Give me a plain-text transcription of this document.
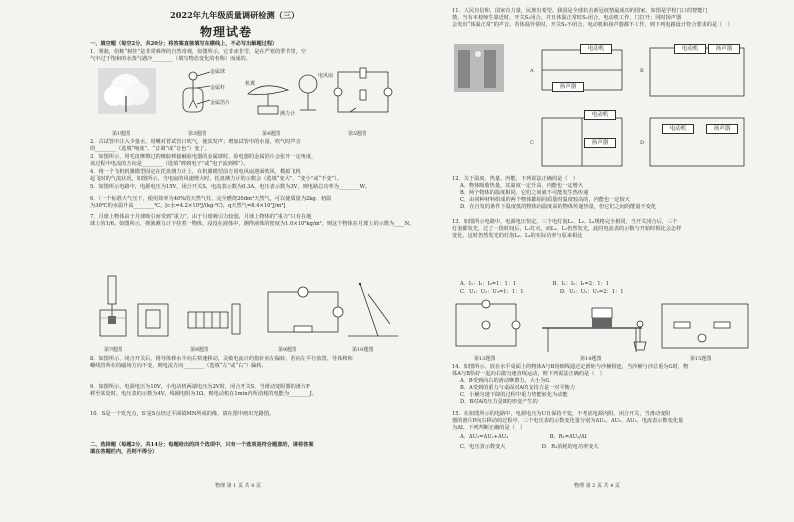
2022年九年级质量调研检测（三）
物理试卷
一、填空题（每空2分，共20分；将答案直接填写在横线上，不必写出解题过程）
1．雾凇，俗称“树挂”是非常难得的自然奇观，如图所示，它非冰非雪，是在严寒的季节里，空
气中过于饱和的水蒸气遇冷________（填写物态变化的名称）而成的。
金属球
金属杆
金属箔片
电风扇
机翼
测力计
第1题图	第3题图	第4题图	第5题图
2．古试管中注入少量水，用嘴对着试管口吹气，使其发声；增加试管中的水量，吹气时声音
的________（选填“响度”、“音调”或“音色”）变了。
3．如图所示，用毛皮摩擦过的橡胶棒接触验电器的金属球时，验电器的金属箔片会张开一定角度，
该过程中电流的方向是________（选填“棒到电子”或“电子流到棒”）。
4．将一个飞机机翼模型固定在托盘测力计上，在机翼模型前方用电风扇迎面吹风，模拟飞机
起飞时的气流状况，如图所示。当电扇的风速增大时，托盘测力计的示数会（选填“变大”、“变小”或“不变”）。
5．如图所示电路中，电源电压为15V，闭合开关S，电流表示数为0.3A，电压表示数为3V，则电路总功率为________W。
6．（一个标准大气压下，使用效率为40%的天然气灶，完全燃烧20dm³天然气，可以使质量为2kg、初温
为30℃的水温升高________℃。[c水=4.2×10³J/(kg·℃)，q天然气=8.4×10⁷J/m³]
7．月球上物体由于月球吸引而受到“重力”，由于月球吸引力较弱，月球上物体的“重力”只有在地
球上的1/6。如图所示，弹簧测力计下挂着一物体，浸没在液体中，测得液体的密度为1.0×10³kg/m³，则这个物体在月球上的示数为____N。
第7题图	第8题图	第9题图	第10题图
8．如图所示，闭合开关后，将导体棒水平向右快速移动，灵敏电流计的指针向左偏转。若向左平行放置，导体棒和
螺线管所在的磁场方向不变，则电流方向________（选填“左”或“右”）偏转。
9．如图所示，电源电压为10V，小电动机两端电压为2V时，闭合开关S，当滑动变阻器的滑片P
移至某处时，电压表的示数为4V，线圈电阻为1Ω，则电动机在1min内所消耗的电能为________J。
10．S是一个发光点，S'是S点经过平面镜MN所成的像，请在图中画出光路图。
二、选择题（每题2分，共14分；每题给出的四个选项中，只有一个选项是符合题意的，请将答案
填在答题栏内，否则不得分）
物理 第 1 页 共 4 页
11．人民有信仰，国家有力量，民族有希望。我国是全球抗击新冠疫情最成功的国家。如图是学校门口的智能门
禁。当有本校师生靠近时，开关S₁闭合，并且体温正常时S₂闭合，电动机工作，门打开；同时扬声器
会发出“体温正常”的声音。若体温异常时，开关S₂不闭合，电动机和扬声器都不工作，则下列电路设计符合要求的是（　）
A	B
C	D
电动机
扬声器
电动机	扬声器
电动机
扬声器
电动机	扬声器
12．关于温度、热量、内能，下列说法正确的是（　）
A．物体吸收热量，其温度一定升高，内能也一定增大
B．两个物体的温度相同，它们之间就不可能发生热传递
C．由同种材料组成的两个物体都相同质量时温度较高的，内能也一定较大
D．在自发的条件下温度低的物体向温度高的物体传递热量，但它们之间的能量不变化
13．如图所示电路中，电源电压恒定，三个电灯泡L₁、L₂、L₃规格完全相同，当开关闭合后，三个
灯泡都发光，过了一段时间后，L₁灯灭，而L₂、L₃仍然发光，此时电流表的示数与开始时相比会怎样
变化，这时仍然发光的灯泡L₂、L₃的实际功率与原来相比
A．I₁：I₂：I₃=1：1：1　　　　　　　B．I₁：I₂：I₃=2：1：1
C．U₁：U₂：U₃=1：1：1　　　　　　　D．U₁：U₂：U₃=2：1：1
第13题图	第14题图	第15题图
14．如图所示，放在水平桌面上的物体A与B用细线通过定滑轮与沙桶相连，当沙桶与沙总重为G时，物
体A与B恰好一起向右做匀速直线运动，则下列说法正确的是（　）
A．B受到向右的滑动摩擦力，大小为G
B．A受到的重力与桌面对A的支持力是一对平衡力
C．小桶匀速下降的过程中重力势能转化为动能
D．B对A的压力是B的形变产生的
15．在如图所示的电路中，电源电压为U且保持不变，不考虑电源内阻。闭合开关，当滑动变阻
器的滑片P向右移动的过程中，三个电压表的示数变化量分别为ΔU₁、ΔU₂、ΔU₃，电流表示数变化量
为ΔI，下列判断正确的是（　）
A．ΔU₂=ΔU₁+ΔU₃　　　　　　　　B．R₁=ΔU₁/ΔI
C．电压表示数变大　　　　　　　D．R₂消耗的电功率变大
物理 第 2 页 共 4 页
